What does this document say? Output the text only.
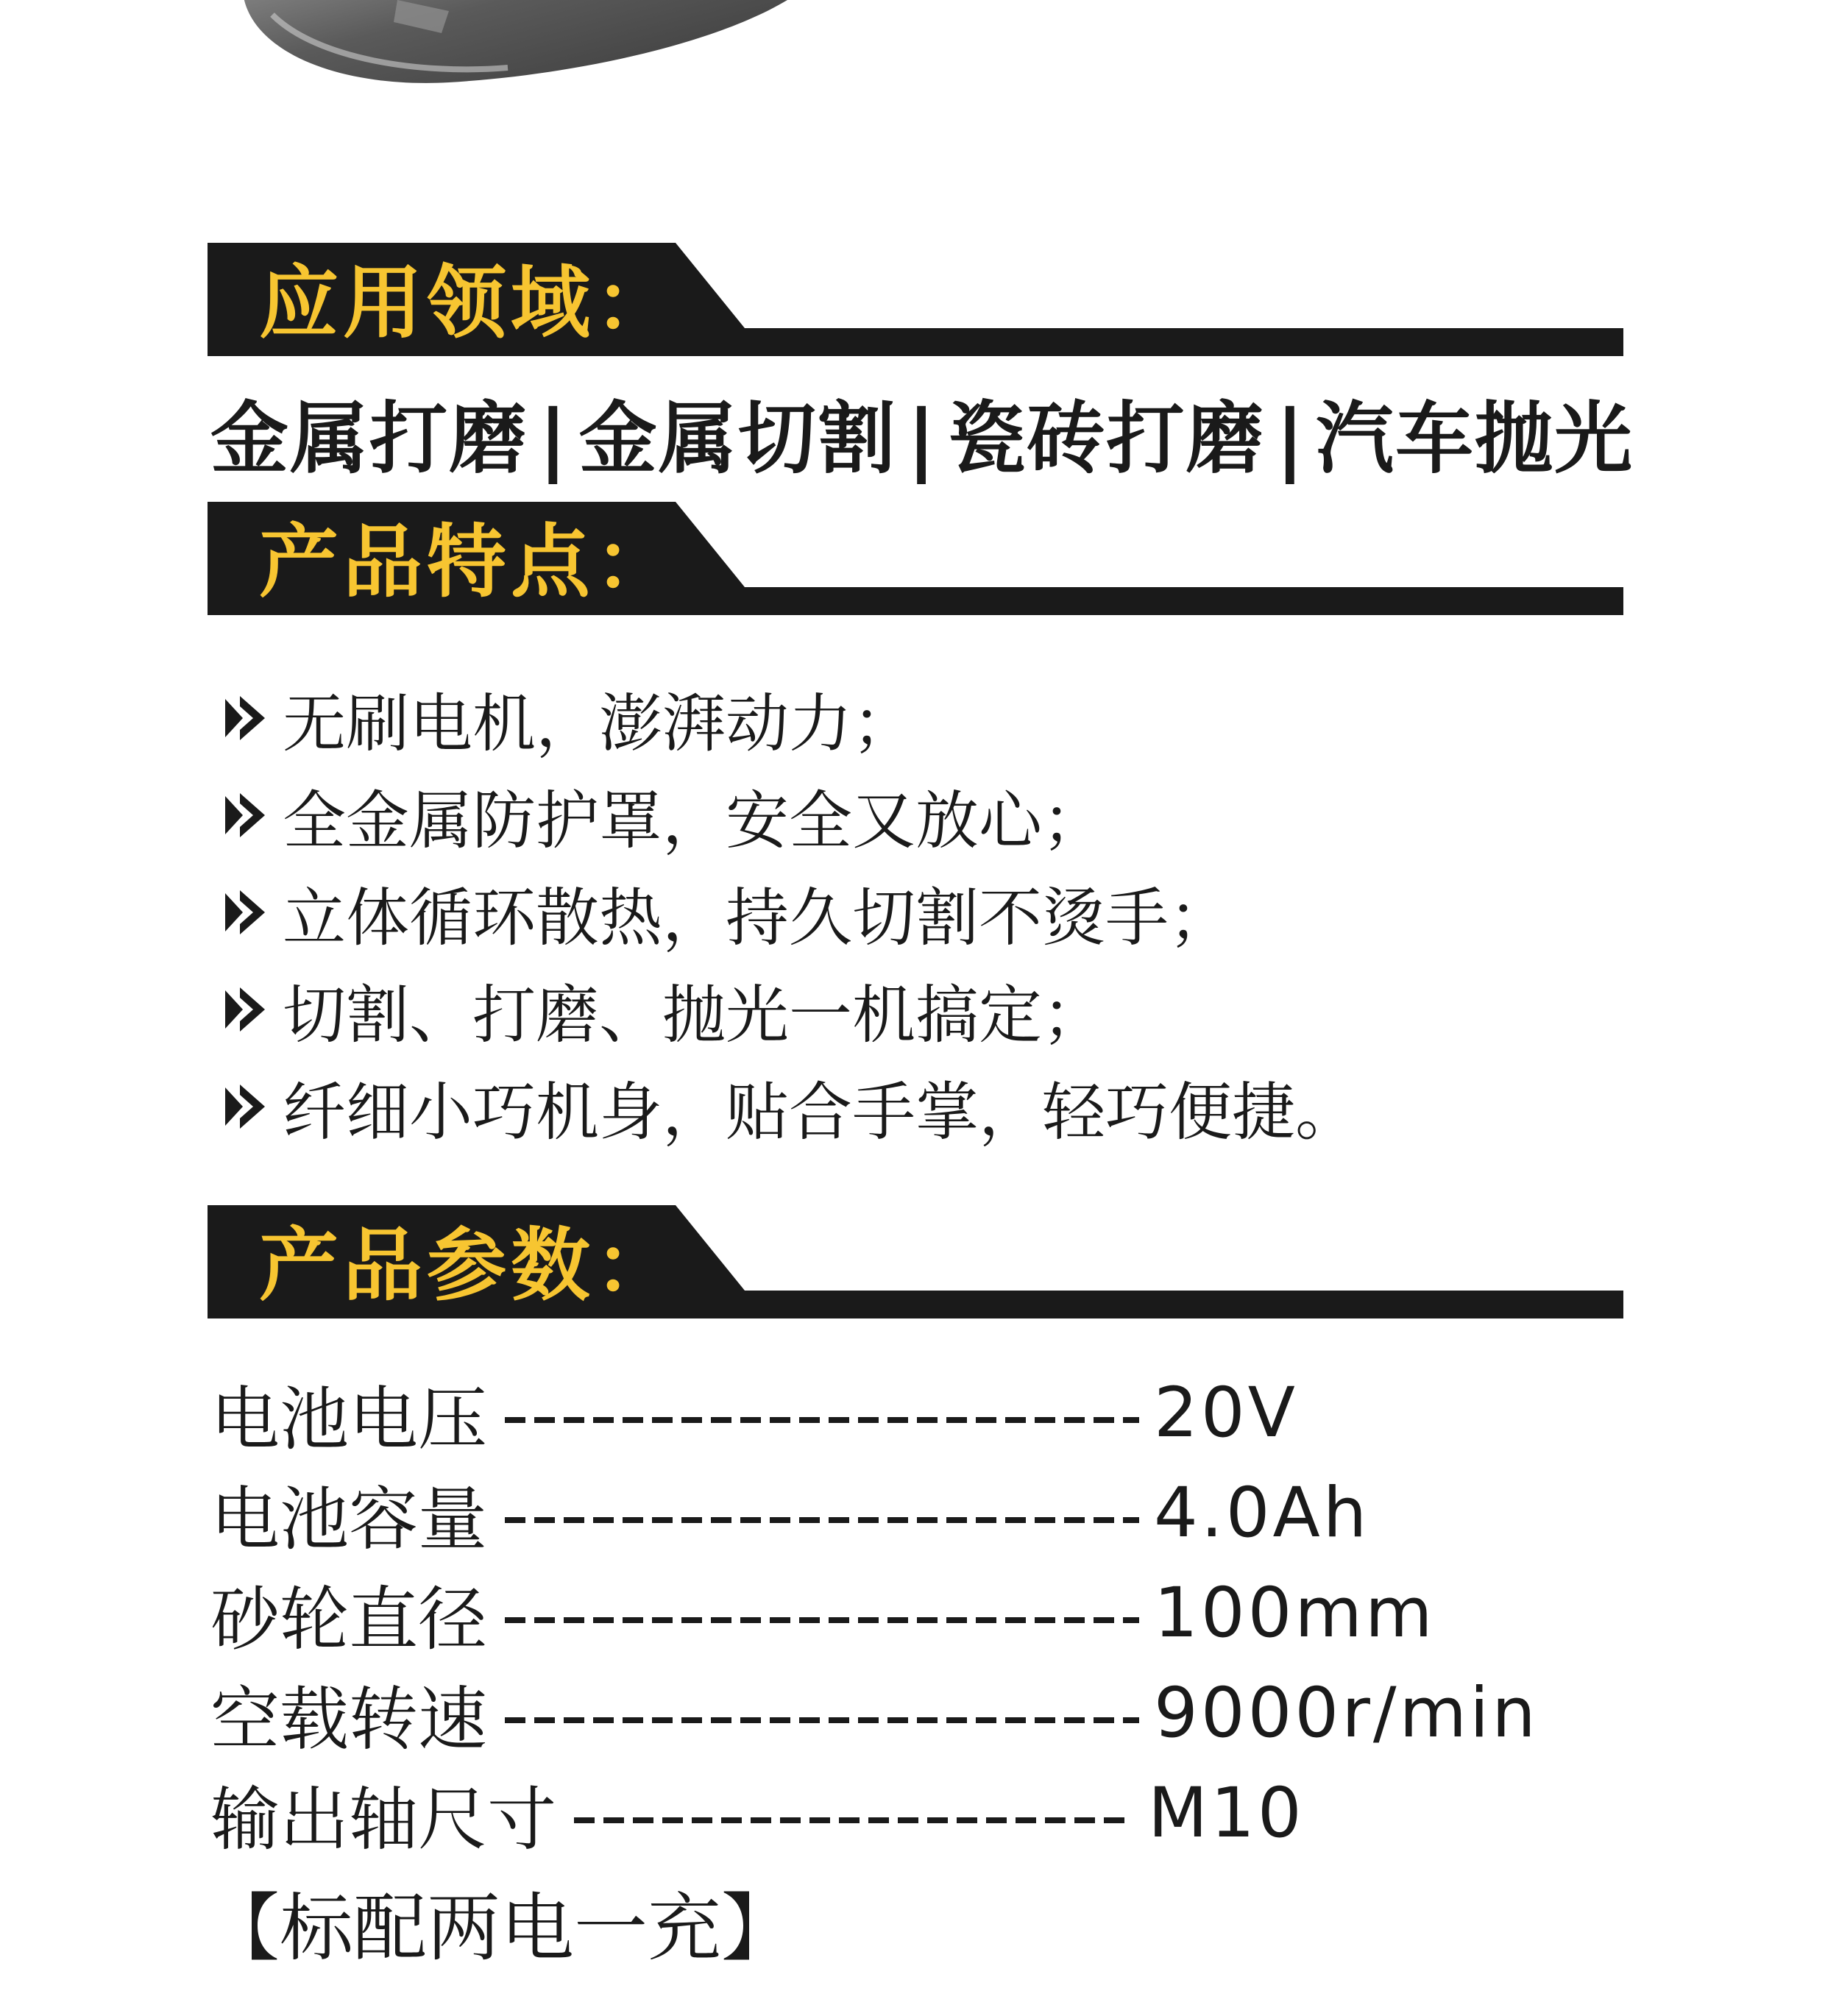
应用领域：
金属打磨 | 金属切割 | 瓷砖打磨 | 汽车抛光
产品特点：
无刷电机，澎湃动力；
全金属防护罩，安全又放心；
立体循环散热，持久切割不烫手；
切割、打磨、抛光一机搞定；
纤细小巧机身，贴合手掌，轻巧便捷。
产品参数：
电池电压	20V
电池容量	4.0Ah
砂轮直径	100mm
空载转速	9000r/min
输出轴尺寸	M10
【标配两电一充】
